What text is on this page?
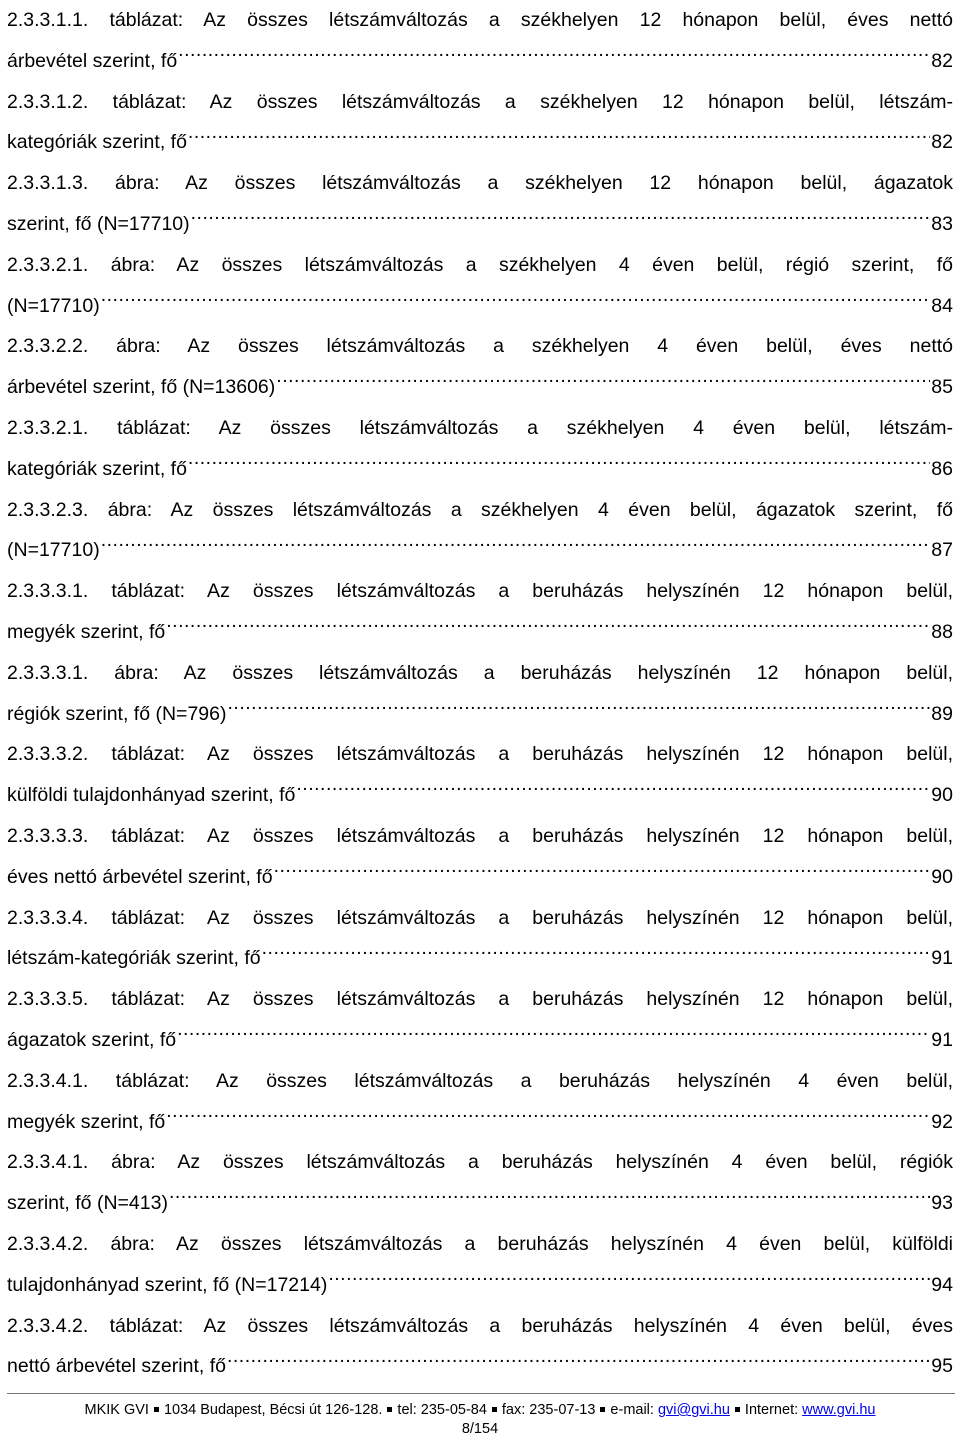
2.3.3.1.1. táblázat: Az összes létszámváltozás a székhelyen 12 hónapon belül, éves nettó
árbevétel szerint, fő .....	82
2.3.3.1.2. táblázat: Az összes létszámváltozás a székhelyen 12 hónapon belül, létszám-
kategóriák szerint, fő .....	82
2.3.3.1.3. ábra: Az összes létszámváltozás a székhelyen 12 hónapon belül, ágazatok
szerint, fő (N=17710) .....	83
2.3.3.2.1. ábra: Az összes létszámváltozás a székhelyen 4 éven belül, régió szerint, fő
(N=17710) .....	84
2.3.3.2.2. ábra: Az összes létszámváltozás a székhelyen 4 éven belül, éves nettó
árbevétel szerint, fő (N=13606) .....	85
2.3.3.2.1. táblázat: Az összes létszámváltozás a székhelyen 4 éven belül, létszám-
kategóriák szerint, fő .....	86
2.3.3.2.3. ábra: Az összes létszámváltozás a székhelyen 4 éven belül, ágazatok szerint, fő
(N=17710) .....	87
2.3.3.3.1. táblázat: Az összes létszámváltozás a beruházás helyszínén 12 hónapon belül,
megyék szerint, fő .....	88
2.3.3.3.1. ábra: Az összes létszámváltozás a beruházás helyszínén 12 hónapon belül,
régiók szerint, fő (N=796) .....	89
2.3.3.3.2. táblázat: Az összes létszámváltozás a beruházás helyszínén 12 hónapon belül,
külföldi tulajdonhányad szerint, fő .....	90
2.3.3.3.3. táblázat: Az összes létszámváltozás a beruházás helyszínén 12 hónapon belül,
éves nettó árbevétel szerint, fő .....	90
2.3.3.3.4. táblázat: Az összes létszámváltozás a beruházás helyszínén 12 hónapon belül,
létszám-kategóriák szerint, fő .....	91
2.3.3.3.5. táblázat: Az összes létszámváltozás a beruházás helyszínén 12 hónapon belül,
ágazatok szerint, fő .....	91
2.3.3.4.1. táblázat: Az összes létszámváltozás a beruházás helyszínén 4 éven belül,
megyék szerint, fő .....	92
2.3.3.4.1. ábra: Az összes létszámváltozás a beruházás helyszínén 4 éven belül, régiók
szerint, fő (N=413) .....	93
2.3.3.4.2. ábra: Az összes létszámváltozás a beruházás helyszínén 4 éven belül, külföldi
tulajdonhányad szerint, fő (N=17214) .....	94
2.3.3.4.2. táblázat: Az összes létszámváltozás a beruházás helyszínén 4 éven belül, éves
nettó árbevétel szerint, fő .....	95
MKIK GVI 1034 Budapest, Bécsi út 126-128. tel: 235-05-84 fax: 235-07-13 e-mail: gvi@gvi.hu Internet: www.gvi.hu
8/154
